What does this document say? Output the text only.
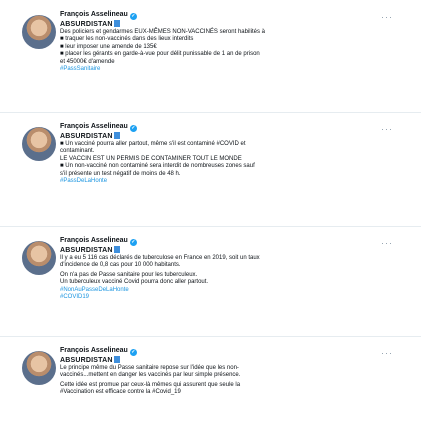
···
François Asselineau ✓
ABSURDISTAN
Des policiers et gendarmes EUX-MÊMES NON-VACCINÉS seront habilités à
■ traquer les non-vaccinés dans des lieux interdits
■ leur imposer une amende de 135€
■ placer les gérants en garde-à-vue pour délit punissable de 1 an de prison
et 45000€ d'amende
#PassSanitaire
···
François Asselineau ✓
ABSURDISTAN
■ Un vacciné pourra aller partout, même s'il est contaminé #COVID et
contaminant.
LE VACCIN EST UN PERMIS DE CONTAMINER TOUT LE MONDE
■ Un non-vacciné non contaminé sera interdit de nombreuses zones sauf
s'il présente un test négatif de moins de 48 h.
#PassDeLaHonte
···
François Asselineau ✓
ABSURDISTAN
Il y a eu 5 116 cas déclarés de tuberculose en France en 2019, soit un taux
d'incidence de 0,8 cas pour 10 000 habitants.
On n'a pas de Passe sanitaire pour les tuberculeux.
Un tuberculeux vacciné Covid pourra donc aller partout.
#NonAuPasseDeLaHonte
#COVID19
···
François Asselineau ✓
ABSURDISTAN
Le principe même du Passe sanitaire repose sur l'idée que les non-
vaccinés...mettent en danger les vaccinés par leur simple présence.
Cette idée est promue par ceux-là mêmes qui assurent que seule la
#Vaccination est efficace contre la #Covid_19
